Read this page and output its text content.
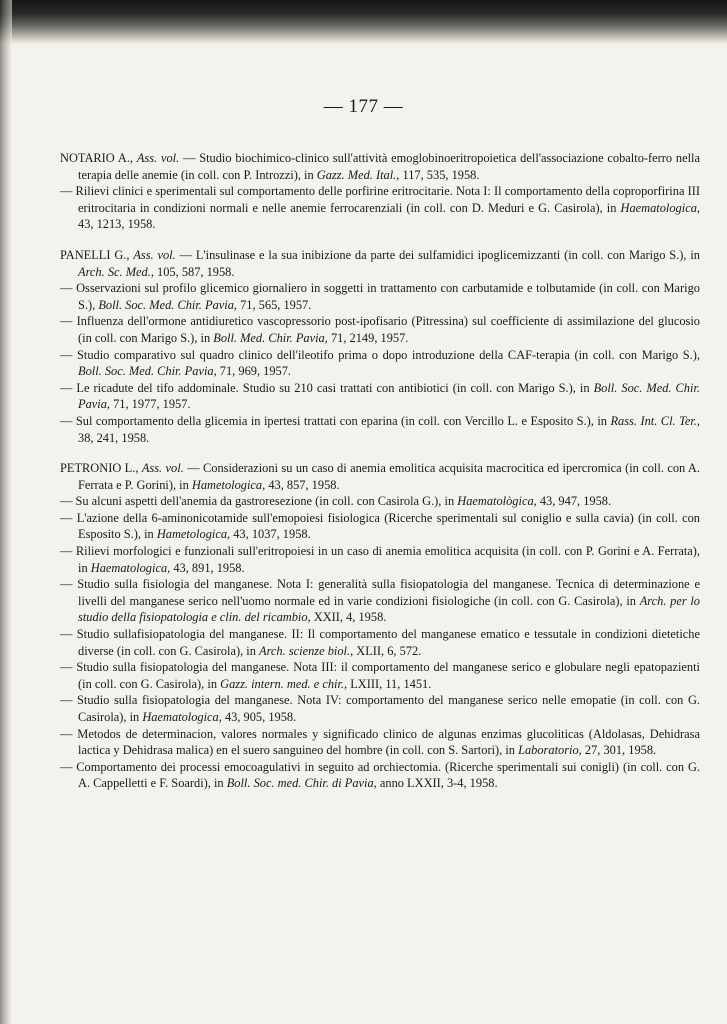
— 177 —
NOTARIO A., Ass. vol. — Studio biochimico-clinico sull'attività emoglobinoeritropoietica dell'associazione cobalto-ferro nella terapia delle anemie (in coll. con P. Introzzi), in Gazz. Med. Ital., 117, 535, 1958.
— Rilievi clinici e sperimentali sul comportamento delle porfirine eritrocitarie. Nota I: Il comportamento della coproporfirina III eritrocitaria in condizioni normali e nelle anemie ferrocarenziali (in coll. con D. Meduri e G. Casirola), in Haematologica, 43, 1213, 1958.
PANELLI G., Ass. vol. — L'insulinase e la sua inibizione da parte dei sulfamidici ipoglicemizzanti (in coll. con Marigo S.), in Arch. Sc. Med., 105, 587, 1958.
— Osservazioni sul profilo glicemico giornaliero in soggetti in trattamento con carbutamide e tolbutamide (in coll. con Marigo S.), Boll. Soc. Med. Chir. Pavia, 71, 565, 1957.
— Influenza dell'ormone antidiuretico vascopressorio post-ipofisario (Pitressina) sul coefficiente di assimilazione del glucosio (in coll. con Marigo S.), in Boll. Med. Chir. Pavia, 71, 2149, 1957.
— Studio comparativo sul quadro clinico dell'ileotifo prima o dopo introduzione della CAF-terapia (in coll. con Marigo S.), Boll. Soc. Med. Chir. Pavia, 71, 969, 1957.
— Le ricadute del tifo addominale. Studio su 210 casi trattati con antibiotici (in coll. con Marigo S.), in Boll. Soc. Med. Chir. Pavia, 71, 1977, 1957.
— Sul comportamento della glicemia in ipertesi trattati con eparina (in coll. con Vercillo L. e Esposito S.), in Rass. Int. Cl. Ter., 38, 241, 1958.
PETRONIO L., Ass. vol. — Considerazioni su un caso di anemia emolitica acquisita macrocitica ed ipercromica (in coll. con A. Ferrata e P. Gorini), in Hametologica, 43, 857, 1958.
— Su alcuni aspetti dell'anemia da gastroresezione (in coll. con Casirola G.), in Haematològica, 43, 947, 1958.
— L'azione della 6-aminonicotamide sull'emopoiesi fisiologica (Ricerche sperimentali sul coniglio e sulla cavia) (in coll. con Esposito S.), in Hametologica, 43, 1037, 1958.
— Rilievi morfologici e funzionali sull'eritropoiesi in un caso di anemia emolitica acquisita (in coll. con P. Gorini e A. Ferrata), in Haematologica, 43, 891, 1958.
— Studio sulla fisiologia del manganese. Nota I: generalità sulla fisiopatologia del manganese. Tecnica di determinazione e livelli del manganese serico nell'uomo normale ed in varie condizioni fisiologiche (in coll. con G. Casirola), in Arch. per lo studio della fisiopatologia e clin. del ricambio, XXII, 4, 1958.
— Studio sullafisiopatologia del manganese. II: Il comportamento del manganese ematico e tessutale in condizioni dietetiche diverse (in coll. con G. Casirola), in Arch. scienze biol., XLII, 6, 572.
— Studio sulla fisiopatologia del manganese. Nota III: il comportamento del manganese serico e globulare negli epatopazienti (in coll. con G. Casirola), in Gazz. intern. med. e chir., LXIII, 11, 1451.
— Studio sulla fisiopatologia del manganese. Nota IV: comportamento del manganese serico nelle emopatie (in coll. con G. Casirola), in Haematologica, 43, 905, 1958.
— Metodos de determinacion, valores normales y significado clinico de algunas enzimas glucoliticas (Aldolasas, Dehidrasa lactica y Dehidrasa malica) en el suero sanguineo del hombre (in coll. con S. Sartori), in Laboratorio, 27, 301, 1958.
— Comportamento dei processi emocoagulativi in seguito ad orchiectomia. (Ricerche sperimentali sui conigli) (in coll. con G. A. Cappelletti e F. Soardi), in Boll. Soc. med. Chir. di Pavia, anno LXXII, 3-4, 1958.
